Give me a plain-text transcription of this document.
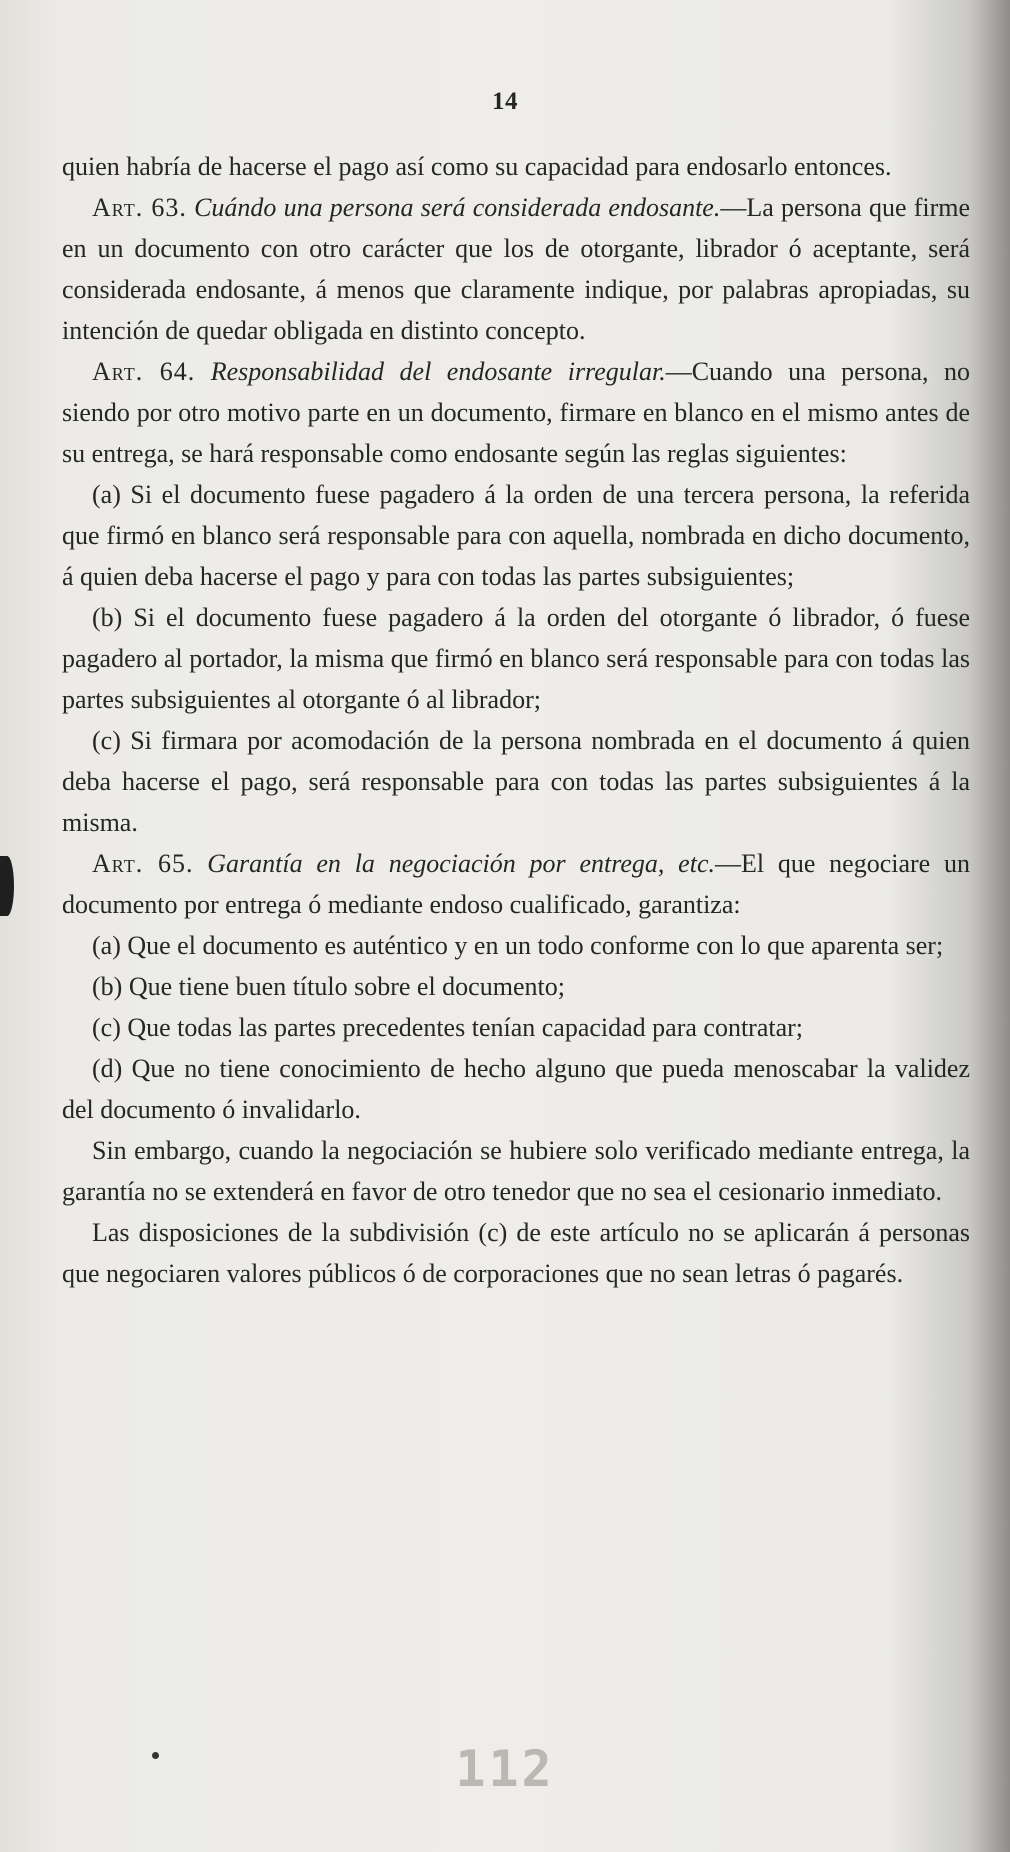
14

quien habría de hacerse el pago así como su capacidad para endosarlo entonces.

Art. 63. Cuándo una persona será considerada endosante.—La persona que firme en un documento con otro carácter que los de otorgante, librador ó aceptante, será considerada endosante, á menos que claramente indique, por palabras apropiadas, su intención de quedar obligada en distinto concepto.

Art. 64. Responsabilidad del endosante irregular.—Cuando una persona, no siendo por otro motivo parte en un documento, firmare en blanco en el mismo antes de su entrega, se hará responsable como endosante según las reglas siguientes:

(a) Si el documento fuese pagadero á la orden de una tercera persona, la referida que firmó en blanco será responsable para con aquella, nombrada en dicho documento, á quien deba hacerse el pago y para con todas las partes subsiguientes;

(b) Si el documento fuese pagadero á la orden del otorgante ó librador, ó fuese pagadero al portador, la misma que firmó en blanco será responsable para con todas las partes subsiguientes al otorgante ó al librador;

(c) Si firmara por acomodación de la persona nombrada en el documento á quien deba hacerse el pago, será responsable para con todas las partes subsiguientes á la misma.

Art. 65. Garantía en la negociación por entrega, etc.—El que negociare un documento por entrega ó mediante endoso cualificado, garantiza:

(a) Que el documento es auténtico y en un todo conforme con lo que aparenta ser;

(b) Que tiene buen título sobre el documento;

(c) Que todas las partes precedentes tenían capacidad para contratar;

(d) Que no tiene conocimiento de hecho alguno que pueda menoscabar la validez del documento ó invalidarlo.

Sin embargo, cuando la negociación se hubiere solo verificado mediante entrega, la garantía no se extenderá en favor de otro tenedor que no sea el cesionario inmediato.

Las disposiciones de la subdivisión (c) de este artículo no se aplicarán á personas que negociaren valores públicos ó de corporaciones que no sean letras ó pagarés.

112
